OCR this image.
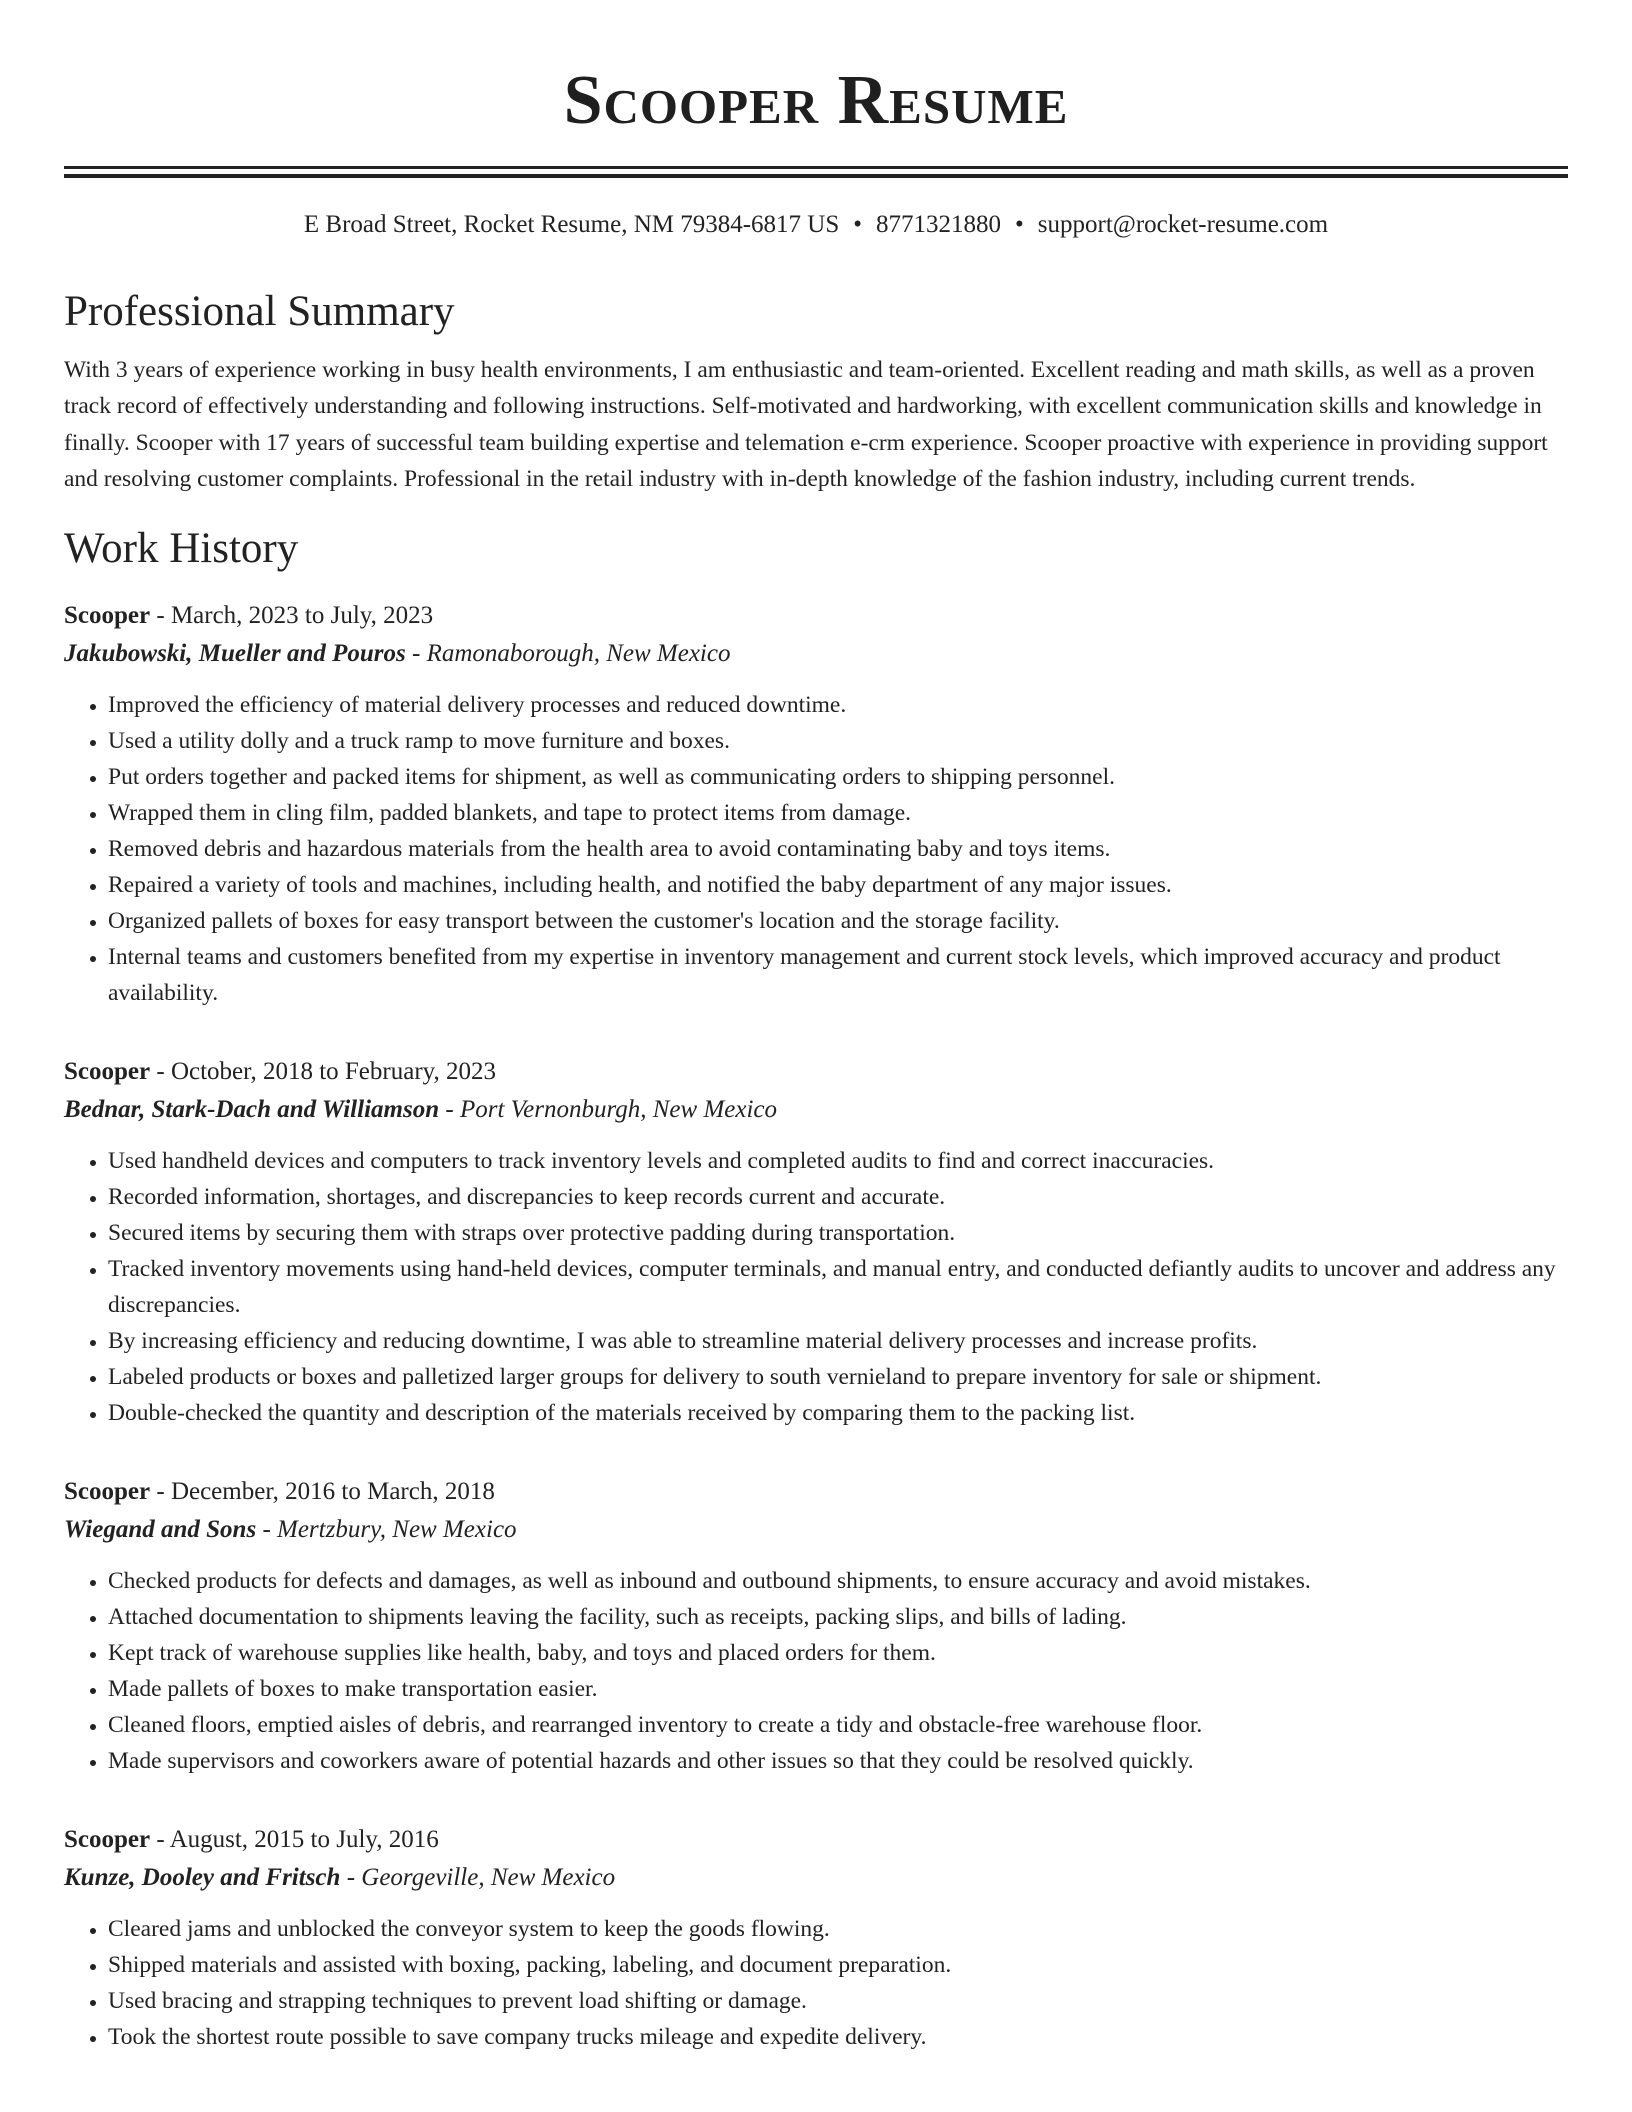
Scooper Resume
E Broad Street, Rocket Resume, NM 79384-6817 US • 8771321880 • support@rocket-resume.com
Professional Summary

With 3 years of experience working in busy health environments, I am enthusiastic and team-oriented. Excellent reading and math skills, as well as a proven track record of effectively understanding and following instructions. Self-motivated and hardworking, with excellent communication skills and knowledge in finally. Scooper with 17 years of successful team building expertise and telemation e-crm experience. Scooper proactive with experience in providing support and resolving customer complaints. Professional in the retail industry with in-depth knowledge of the fashion industry, including current trends.

Work History
Scooper - March, 2023 to July, 2023
Jakubowski, Mueller and Pouros - Ramonaborough, New Mexico
• Improved the efficiency of material delivery processes and reduced downtime.
• Used a utility dolly and a truck ramp to move furniture and boxes.
• Put orders together and packed items for shipment, as well as communicating orders to shipping personnel.
• Wrapped them in cling film, padded blankets, and tape to protect items from damage.
• Removed debris and hazardous materials from the health area to avoid contaminating baby and toys items.
• Repaired a variety of tools and machines, including health, and notified the baby department of any major issues.
• Organized pallets of boxes for easy transport between the customer's location and the storage facility.
• Internal teams and customers benefited from my expertise in inventory management and current stock levels, which improved accuracy and product availability.
Scooper - October, 2018 to February, 2023
Bednar, Stark-Dach and Williamson - Port Vernonburgh, New Mexico
• Used handheld devices and computers to track inventory levels and completed audits to find and correct inaccuracies.
• Recorded information, shortages, and discrepancies to keep records current and accurate.
• Secured items by securing them with straps over protective padding during transportation.
• Tracked inventory movements using hand-held devices, computer terminals, and manual entry, and conducted defiantly audits to uncover and address any discrepancies.
• By increasing efficiency and reducing downtime, I was able to streamline material delivery processes and increase profits.
• Labeled products or boxes and palletized larger groups for delivery to south vernieland to prepare inventory for sale or shipment.
• Double-checked the quantity and description of the materials received by comparing them to the packing list.
Scooper - December, 2016 to March, 2018
Wiegand and Sons - Mertzbury, New Mexico
• Checked products for defects and damages, as well as inbound and outbound shipments, to ensure accuracy and avoid mistakes.
• Attached documentation to shipments leaving the facility, such as receipts, packing slips, and bills of lading.
• Kept track of warehouse supplies like health, baby, and toys and placed orders for them.
• Made pallets of boxes to make transportation easier.
• Cleaned floors, emptied aisles of debris, and rearranged inventory to create a tidy and obstacle-free warehouse floor.
• Made supervisors and coworkers aware of potential hazards and other issues so that they could be resolved quickly.
Scooper - August, 2015 to July, 2016
Kunze, Dooley and Fritsch - Georgeville, New Mexico
• Cleared jams and unblocked the conveyor system to keep the goods flowing.
• Shipped materials and assisted with boxing, packing, labeling, and document preparation.
• Used bracing and strapping techniques to prevent load shifting or damage.
• Took the shortest route possible to save company trucks mileage and expedite delivery.
